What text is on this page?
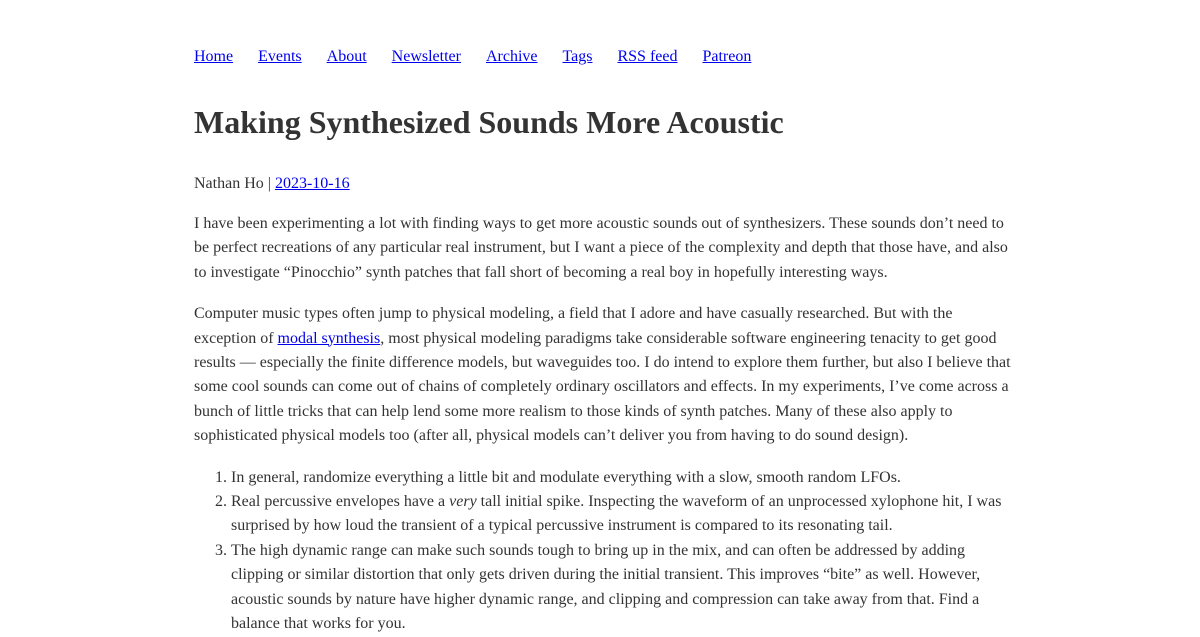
Home Events About Newsletter Archive Tags RSS feed Patreon
Making Synthesized Sounds More Acoustic
Nathan Ho | 2023-10-16

I have been experimenting a lot with finding ways to get more acoustic sounds out of synthesizers. These sounds don’t need to be perfect recreations of any particular real instrument, but I want a piece of the complexity and depth that those have, and also to investigate “Pinocchio” synth patches that fall short of becoming a real boy in hopefully interesting ways.

Computer music types often jump to physical modeling, a field that I adore and have casually researched. But with the exception of modal synthesis, most physical modeling paradigms take considerable software engineering tenacity to get good results — especially the finite difference models, but waveguides too. I do intend to explore them further, but also I believe that some cool sounds can come out of chains of completely ordinary oscillators and effects. In my experiments, I’ve come across a bunch of little tricks that can help lend some more realism to those kinds of synth patches. Many of these also apply to sophisticated physical models too (after all, physical models can’t deliver you from having to do sound design).

1. In general, randomize everything a little bit and modulate everything with a slow, smooth random LFOs.
2. Real percussive envelopes have a very tall initial spike. Inspecting the waveform of an unprocessed xylophone hit, I was surprised by how loud the transient of a typical percussive instrument is compared to its resonating tail.
3. The high dynamic range can make such sounds tough to bring up in the mix, and can often be addressed by adding clipping or similar distortion that only gets driven during the initial transient. This improves “bite” as well. However, acoustic sounds by nature have higher dynamic range, and clipping and compression can take away from that. Find a balance that works for you.
